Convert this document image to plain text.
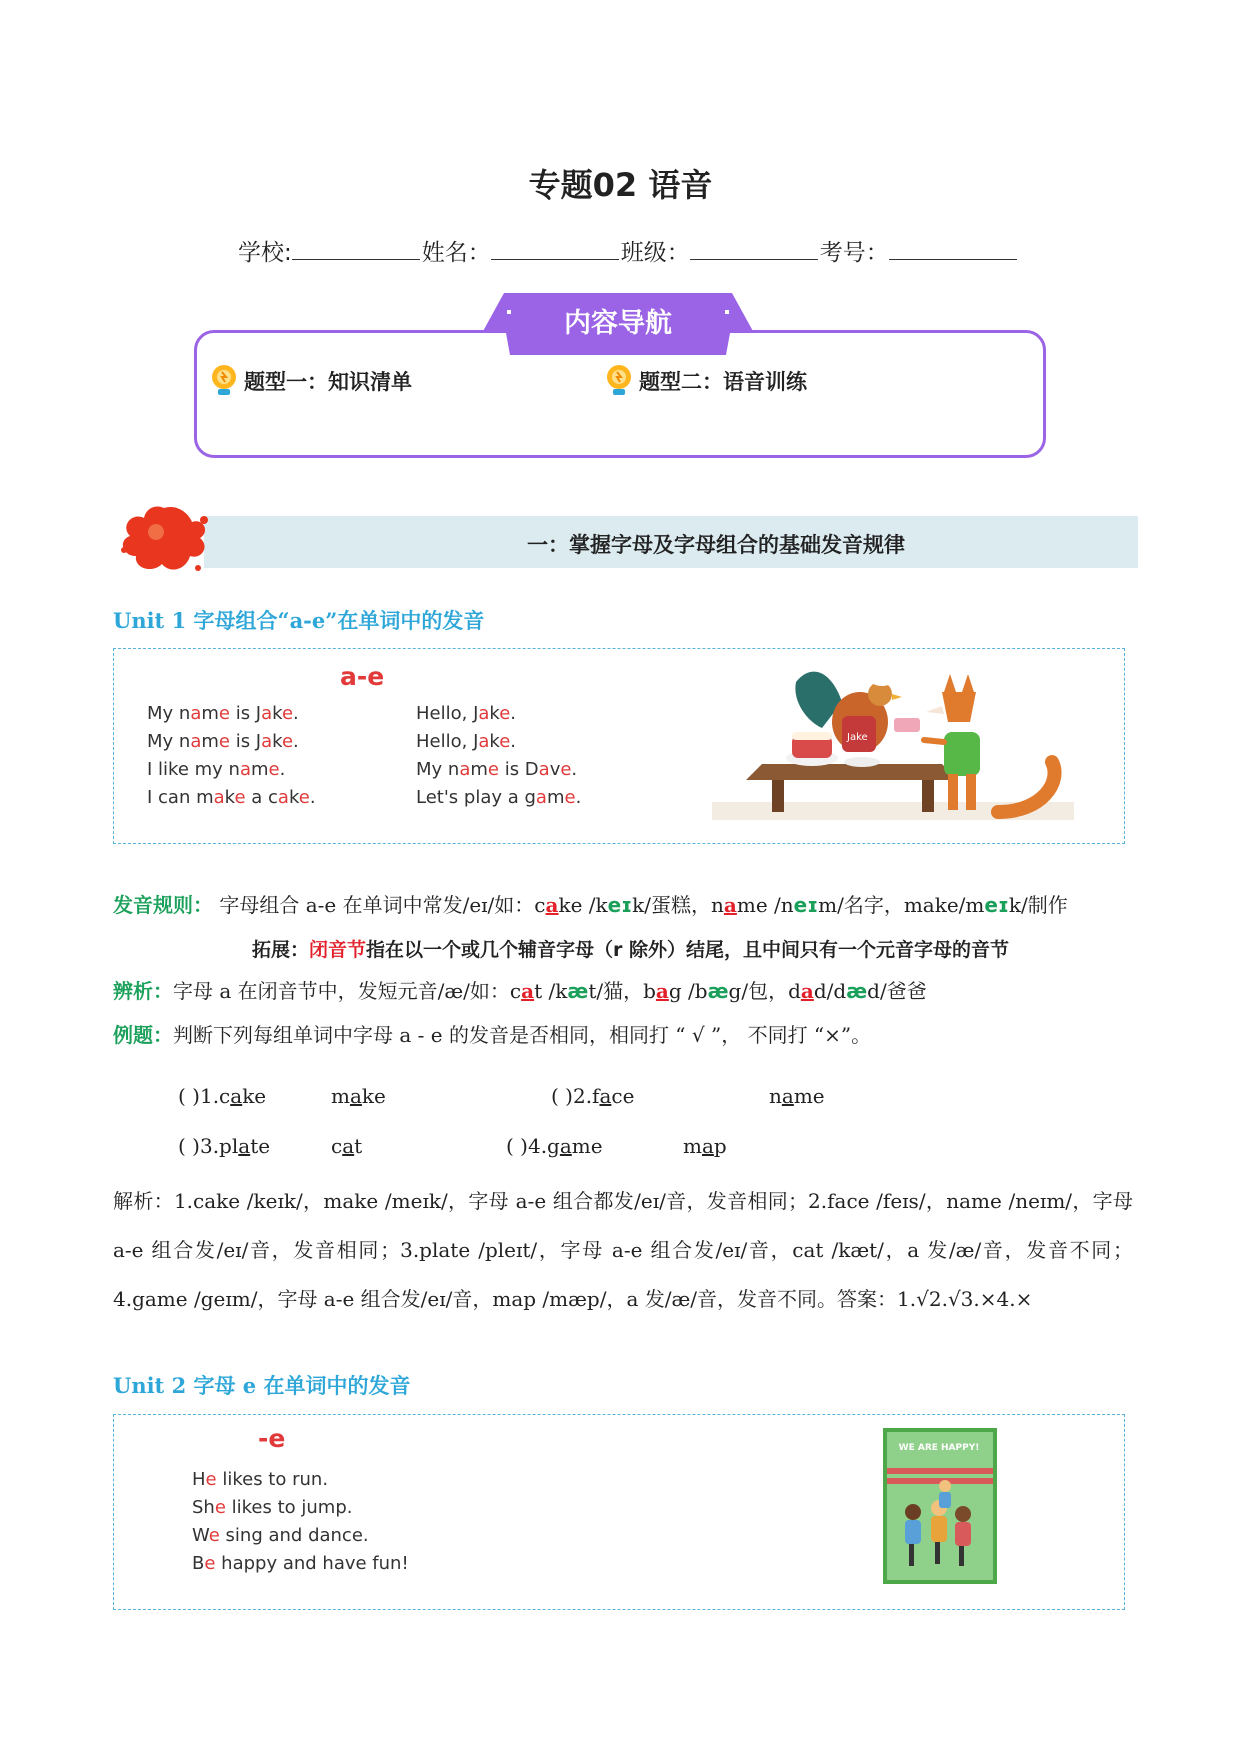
专题02 语音
学校:	姓名：	班级：	考号：
内容导航
题型一：知识清单	题型二：语音训练
一：掌握字母及字母组合的基础发音规律
Unit 1 字母组合“a-e”在单词中的发音
a-e
My name is Jake.
My name is Jake.
I like my name.
I can make a cake.
Hello, Jake.
Hello, Jake.
My name is Dave.
Let's play a game.
Jake
发音规则： 字母组合 a-e 在单词中常发/eɪ/如：cake /keɪk/蛋糕，name /neɪm/名字，make/meɪk/制作
拓展：闭音节指在以一个或几个辅音字母（r 除外）结尾，且中间只有一个元音字母的音节
辨析：字母 a 在闭音节中，发短元音/æ/如：cat /kæt/猫，bag /bæg/包，dad/dæd/爸爸
例题：判断下列每组单词中字母 a - e 的发音是否相同，相同打 “ √ ”， 不同打 “×”。
( )1.cake	make	( )2.face	name
( )3.plate	cat	( )4.game	map
解析：1.cake /keɪk/，make /meɪk/，字母 a-e 组合都发/eɪ/音，发音相同；2.face /feɪs/，name /neɪm/，字母 a-e 组合发/eɪ/音，发音相同；3.plate /pleɪt/，字母 a-e 组合发/eɪ/音，cat /kæt/，a 发/æ/音，发音不同；4.game /geɪm/，字母 a-e 组合发/eɪ/音，map /mæp/，a 发/æ/音，发音不同。答案：1.√2.√3.×4.×
Unit 2 字母 e 在单词中的发音
-e
He likes to run.
She likes to jump.
We sing and dance.
Be happy and have fun!
WE ARE HAPPY!
